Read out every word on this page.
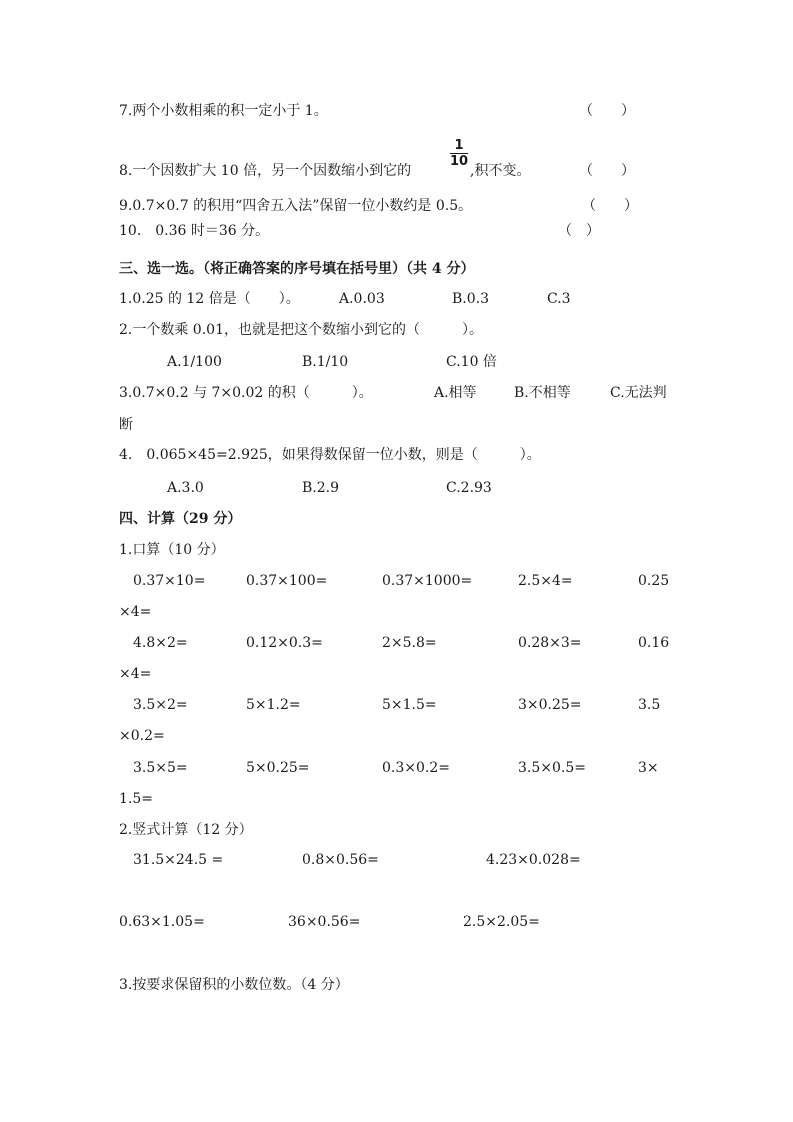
7.两个小数相乘的积一定小于 1。	（　　）
8.一个因数扩大 10 倍，另一个因数缩小到它的
1
10
,积不变。	（　　）
9.0.7×0.7 的积用“四舍五入法”保留一位小数约是 0.5。	（　　）
10.　0.36 时＝36 分。	（　）
三、选一选。（将正确答案的序号填在括号里）（共 4 分）
1.0.25 的 12 倍是（　　）。	A.0.03	B.0.3	C.3
2.一个数乘 0.01，也就是把这个数缩小到它的（　　　）。
A.1/100	B.1/10	C.10 倍
3.0.7×0.2 与 7×0.02 的积（　　　）。	A.相等	B.不相等	C.无法判
断
4.　0.065×45=2.925，如果得数保留一位小数，则是（　　　）。
A.3.0	B.2.9	C.2.93
四、计算（29 分）
1.口算（10 分）
0.37×10=	0.37×100=	0.37×1000=	2.5×4=	0.25
×4=
4.8×2=	0.12×0.3=	2×5.8=	0.28×3=	0.16
×4=
3.5×2=	5×1.2=	5×1.5=	3×0.25=	3.5
×0.2=
3.5×5=	5×0.25=	0.3×0.2=	3.5×0.5=	3×
1.5=
2.竖式计算（12 分）
31.5×24.5 =	0.8×0.56=	4.23×0.028=
0.63×1.05=	36×0.56=	2.5×2.05=
3.按要求保留积的小数位数。（4 分）
